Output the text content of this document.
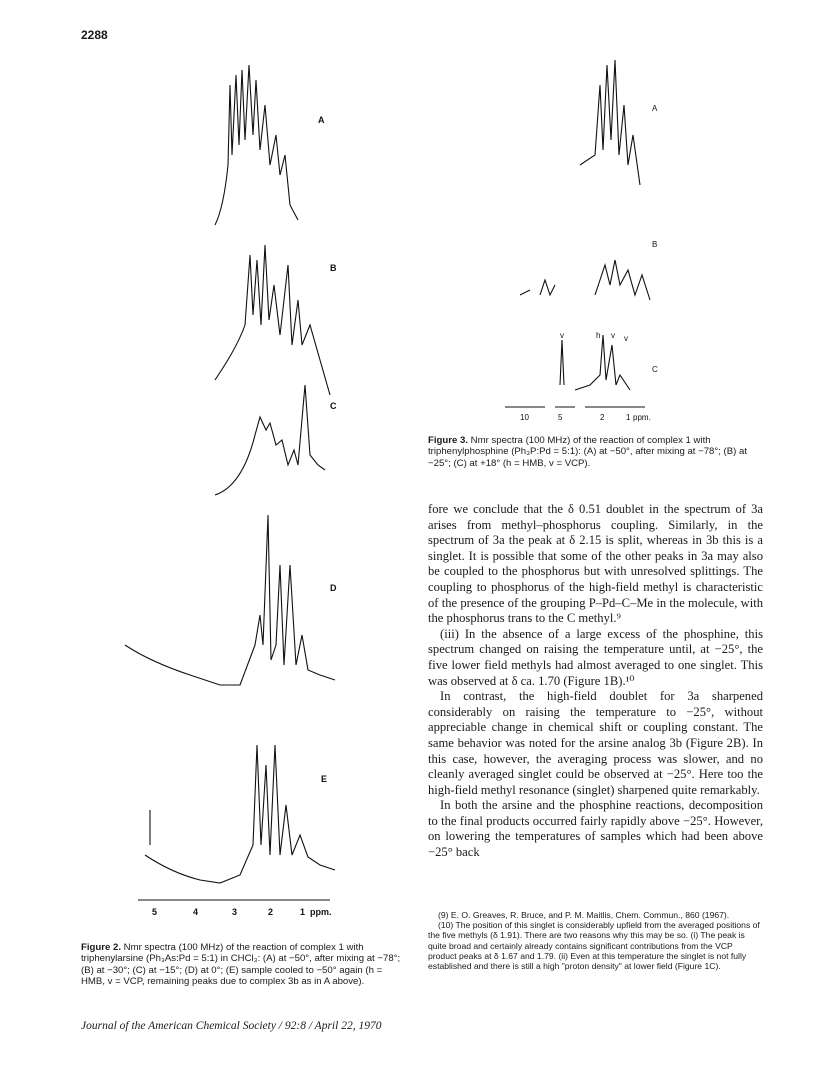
2288
A
B
C
D
E
5	4	3	2	1 ppm.
Figure 2. Nmr spectra (100 MHz) of the reaction of complex 1 with triphenylarsine (Ph₃As:Pd = 5:1) in CHCl₃: (A) at −50°, after mixing at −78°; (B) at −30°; (C) at −15°; (D) at 0°; (E) sample cooled to −50° again (h = HMB, v = VCP, remaining peaks due to complex 3b as in A above).
A
B
C
v	h v v
10	5	2	1 ppm.
Figure 3. Nmr spectra (100 MHz) of the reaction of complex 1 with triphenylphosphine (Ph₃P:Pd = 5:1): (A) at −50°, after mixing at −78°; (B) at −25°; (C) at +18° (h = HMB, v = VCP).

fore we conclude that the δ 0.51 doublet in the spectrum of 3a arises from methyl–phosphorus coupling. Similarly, in the spectrum of 3a the peak at δ 2.15 is split, whereas in 3b this is a singlet. It is possible that some of the other peaks in 3a may also be coupled to the phosphorus but with unresolved splittings. The coupling to phosphorus of the high-field methyl is characteristic of the presence of the grouping P–Pd–C–Me in the molecule, with the phosphorus trans to the C methyl.⁹

(iii) In the absence of a large excess of the phosphine, this spectrum changed on raising the temperature until, at −25°, the five lower field methyls had almost averaged to one singlet. This was observed at δ ca. 1.70 (Figure 1B).¹⁰

In contrast, the high-field doublet for 3a sharpened considerably on raising the temperature to −25°, without appreciable change in chemical shift or coupling constant. The same behavior was noted for the arsine analog 3b (Figure 2B). In this case, however, the averaging process was slower, and no cleanly averaged singlet could be observed at −25°. Here too the high-field methyl resonance (singlet) sharpened quite remarkably.

In both the arsine and the phosphine reactions, decomposition to the final products occurred fairly rapidly above −25°. However, on lowering the temperatures of samples which had been above −25° back

(9) E. O. Greaves, R. Bruce, and P. M. Maitlis, Chem. Commun., 860 (1967).

(10) The position of this singlet is considerably upfield from the averaged positions of the five methyls (δ 1.91). There are two reasons why this may be so. (i) The peak is quite broad and certainly already contains significant contributions from the VCP product peaks at δ 1.67 and 1.79. (ii) Even at this temperature the singlet is not fully established and there is still a high "proton density" at lower field (Figure 1C).

Journal of the American Chemical Society / 92:8 / April 22, 1970
